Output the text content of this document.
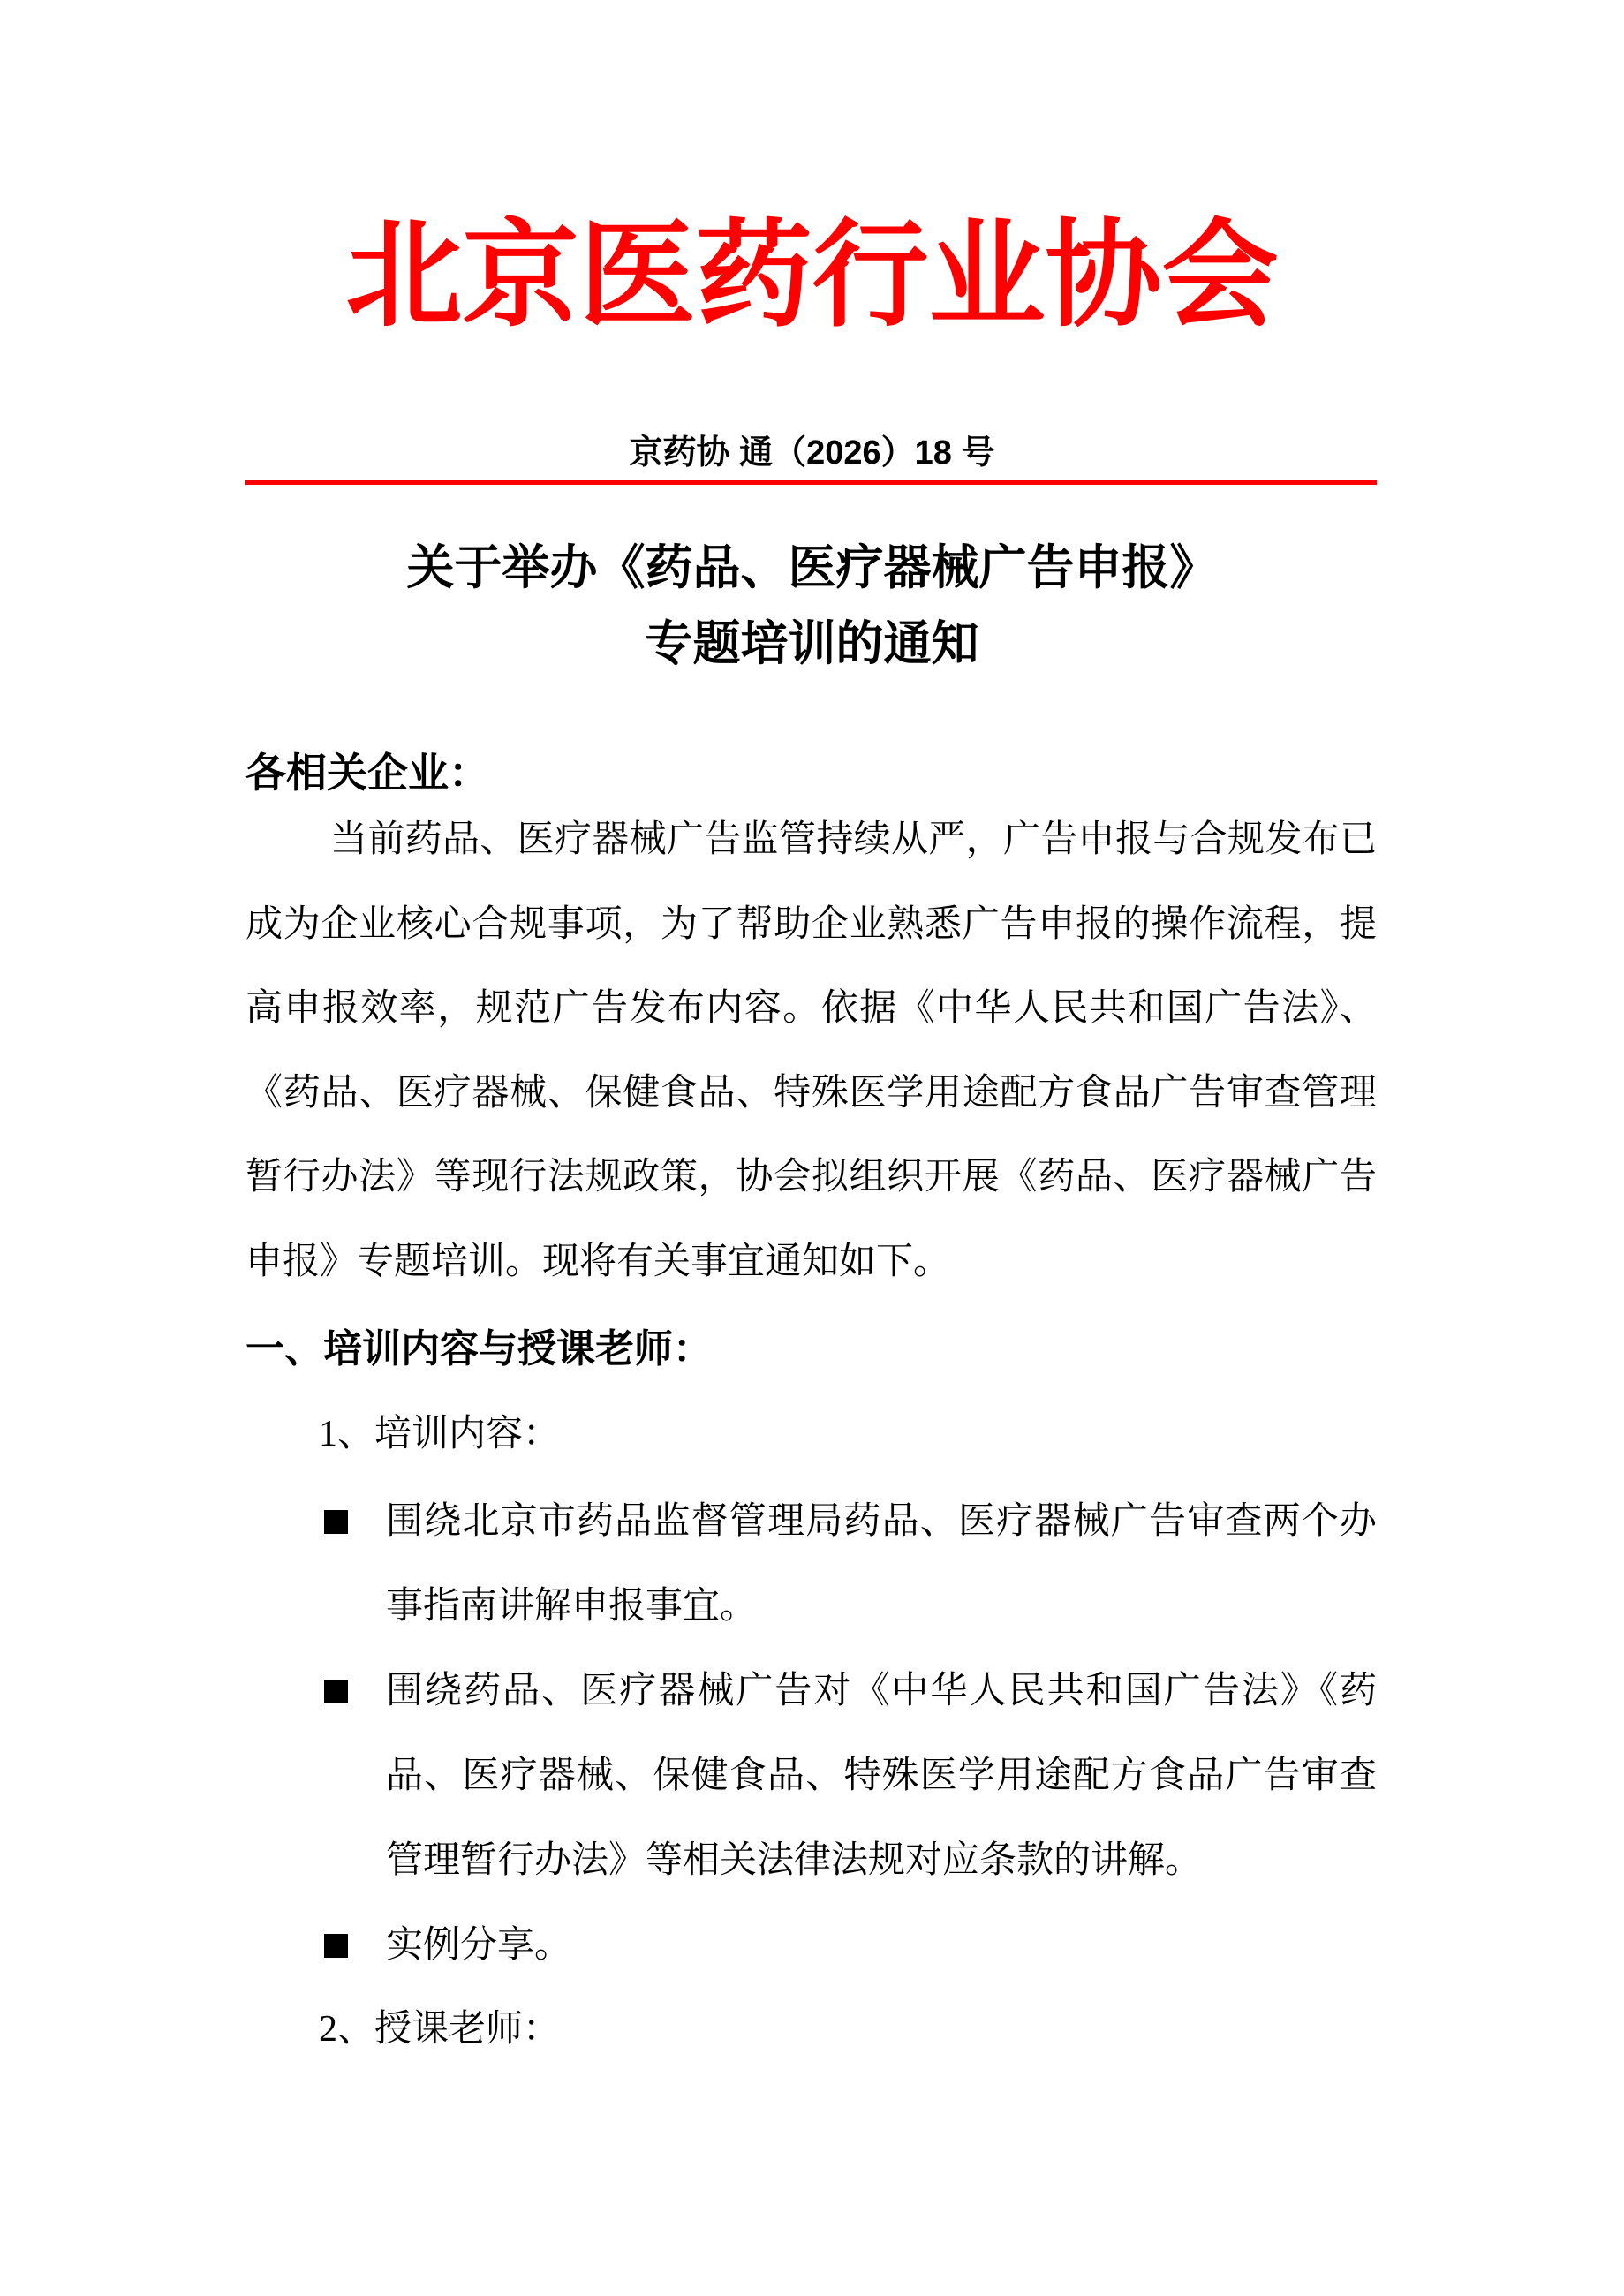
北京医药行业协会
京药协 通（2026）18 号
关于举办《药品、医疗器械广告申报》
专题培训的通知
各相关企业：
当前药品、医疗器械广告监管持续从严，广告申报与合规发布已
成为企业核心合规事项，为了帮助企业熟悉广告申报的操作流程，提
高申报效率，规范广告发布内容。依据《中华人民共和国广告法》、
《药品、医疗器械、保健食品、特殊医学用途配方食品广告审查管理
暂行办法》等现行法规政策，协会拟组织开展《药品、医疗器械广告
申报》专题培训。现将有关事宜通知如下。
一、培训内容与授课老师：
1、培训内容：
围绕北京市药品监督管理局药品、医疗器械广告审查两个办
事指南讲解申报事宜。
围绕药品、医疗器械广告对《中华人民共和国广告法》《药
品、医疗器械、保健食品、特殊医学用途配方食品广告审查
管理暂行办法》等相关法律法规对应条款的讲解。
实例分享。
2、授课老师：
